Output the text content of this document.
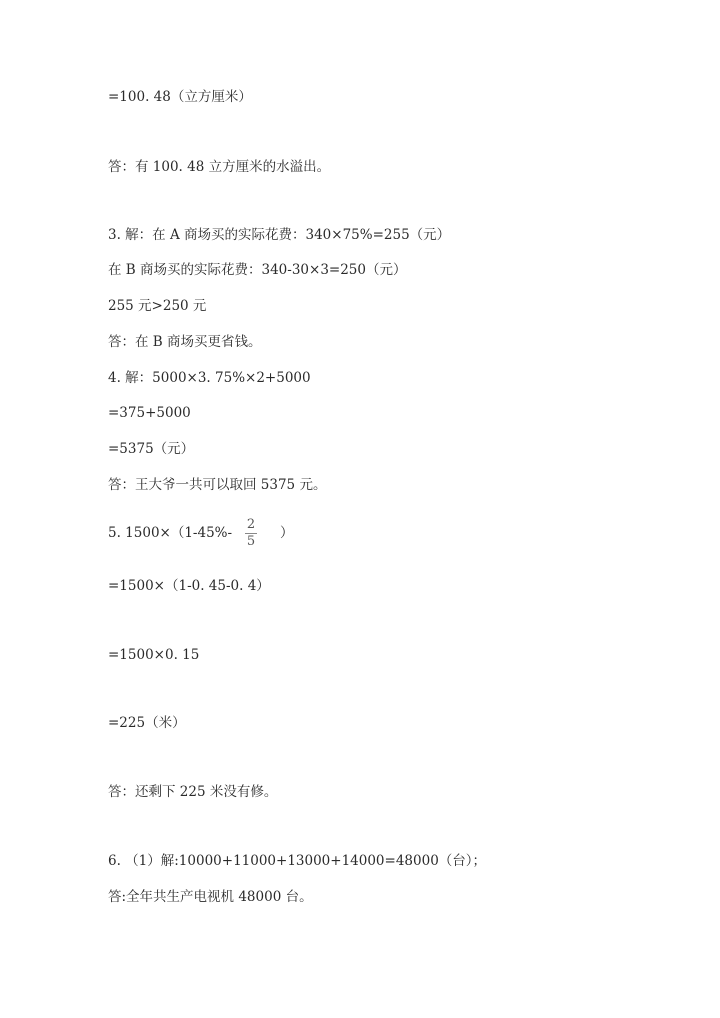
=100. 48（立方厘米）
答：有 100. 48 立方厘米的水溢出。
3. 解：在 A 商场买的实际花费：340×75%=255（元）
在 B 商场买的实际花费：340-30×3=250（元）
255 元>250 元
答：在 B 商场买更省钱。
4. 解：5000×3. 75%×2+5000
=375+5000
=5375（元）
答：王大爷一共可以取回 5375 元。
5. 1500×（1-45%-
2
5
）
=1500×（1-0. 45-0. 4）
=1500×0. 15
=225（米）
答：还剩下 225 米没有修。
6. （1）解:10000+11000+13000+14000=48000（台）；
答:全年共生产电视机 48000 台。
